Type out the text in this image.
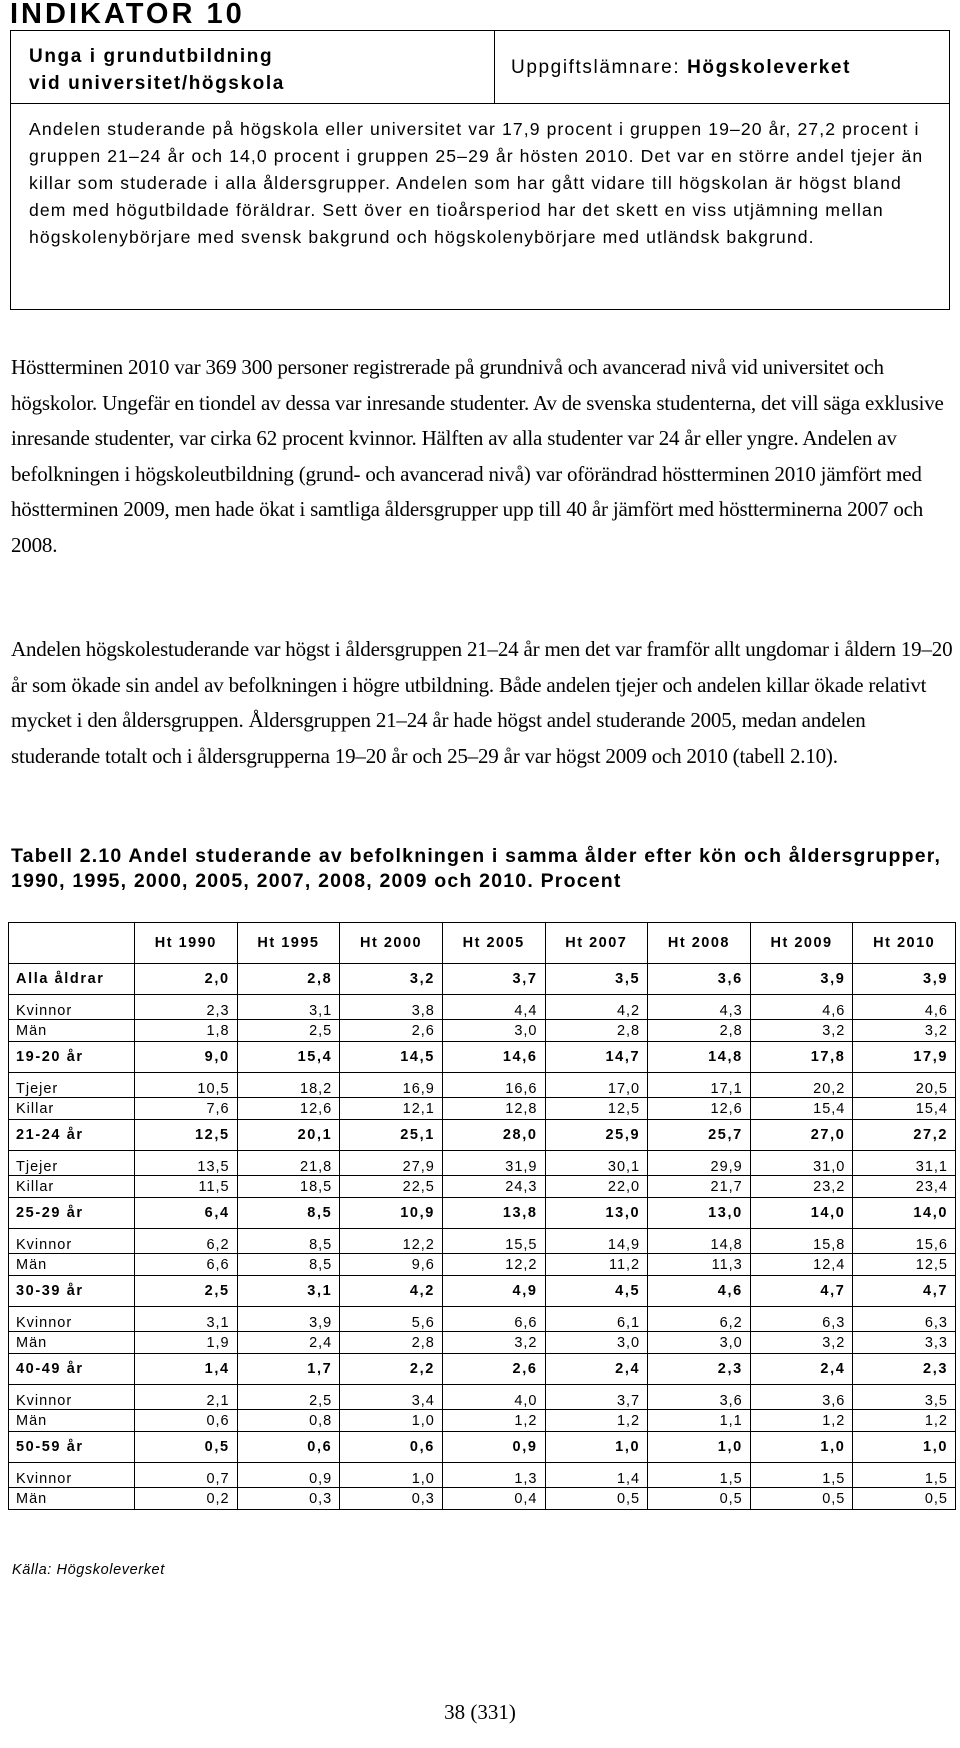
INDIKATOR 10
Unga i grundutbildning
vid universitet/högskola
Uppgiftslämnare: Högskoleverket
Andelen studerande på högskola eller universitet var 17,9 procent i gruppen 19–20 år, 27,2 procent i gruppen 21–24 år och 14,0 procent i gruppen 25–29 år hösten 2010. Det var en större andel tjejer än killar som studerade i alla åldersgrupper. Andelen som har gått vidare till högskolan är högst bland dem med högutbildade föräldrar. Sett över en tioårsperiod har det skett en viss utjämning mellan högskolenybörjare med svensk bakgrund och högskolenybörjare med utländsk bakgrund.

Höstterminen 2010 var 369 300 personer registrerade på grundnivå och avancerad nivå vid universitet och högskolor. Ungefär en tiondel av dessa var inresande studenter. Av de svenska studenterna, det vill säga exklusive inresande studenter, var cirka 62 procent kvinnor. Hälften av alla studenter var 24 år eller yngre. Andelen av befolkningen i högskoleutbildning (grund- och avancerad nivå) var oförändrad höstterminen 2010 jämfört med höstterminen 2009, men hade ökat i samtliga åldersgrupper upp till 40 år jämfört med höstterminerna 2007 och 2008.

Andelen högskolestuderande var högst i åldersgruppen 21–24 år men det var framför allt ungdomar i åldern 19–20 år som ökade sin andel av befolkningen i högre utbildning. Både andelen tjejer och andelen killar ökade relativt mycket i den åldersgruppen. Åldersgruppen 21–24 år hade högst andel studerande 2005, medan andelen studerande totalt och i åldersgrupperna 19–20 år och 25–29 år var högst 2009 och 2010 (tabell 2.10).

Tabell 2.10 Andel studerande av befolkningen i samma ålder efter kön och åldersgrupper, 1990, 1995, 2000, 2005, 2007, 2008, 2009 och 2010. Procent

	Ht 1990	Ht 1995	Ht 2000	Ht 2005	Ht 2007	Ht 2008	Ht 2009	Ht 2010
Alla åldrar	2,0	2,8	3,2	3,7	3,5	3,6	3,9	3,9
Kvinnor	2,3	3,1	3,8	4,4	4,2	4,3	4,6	4,6
Män	1,8	2,5	2,6	3,0	2,8	2,8	3,2	3,2
19-20 år	9,0	15,4	14,5	14,6	14,7	14,8	17,8	17,9
Tjejer	10,5	18,2	16,9	16,6	17,0	17,1	20,2	20,5
Killar	7,6	12,6	12,1	12,8	12,5	12,6	15,4	15,4
21-24 år	12,5	20,1	25,1	28,0	25,9	25,7	27,0	27,2
Tjejer	13,5	21,8	27,9	31,9	30,1	29,9	31,0	31,1
Killar	11,5	18,5	22,5	24,3	22,0	21,7	23,2	23,4
25-29 år	6,4	8,5	10,9	13,8	13,0	13,0	14,0	14,0
Kvinnor	6,2	8,5	12,2	15,5	14,9	14,8	15,8	15,6
Män	6,6	8,5	9,6	12,2	11,2	11,3	12,4	12,5
30-39 år	2,5	3,1	4,2	4,9	4,5	4,6	4,7	4,7
Kvinnor	3,1	3,9	5,6	6,6	6,1	6,2	6,3	6,3
Män	1,9	2,4	2,8	3,2	3,0	3,0	3,2	3,3
40-49 år	1,4	1,7	2,2	2,6	2,4	2,3	2,4	2,3
Kvinnor	2,1	2,5	3,4	4,0	3,7	3,6	3,6	3,5
Män	0,6	0,8	1,0	1,2	1,2	1,1	1,2	1,2
50-59 år	0,5	0,6	0,6	0,9	1,0	1,0	1,0	1,0
Kvinnor	0,7	0,9	1,0	1,3	1,4	1,5	1,5	1,5
Män	0,2	0,3	0,3	0,4	0,5	0,5	0,5	0,5

Källa: Högskoleverket

38 (331)
